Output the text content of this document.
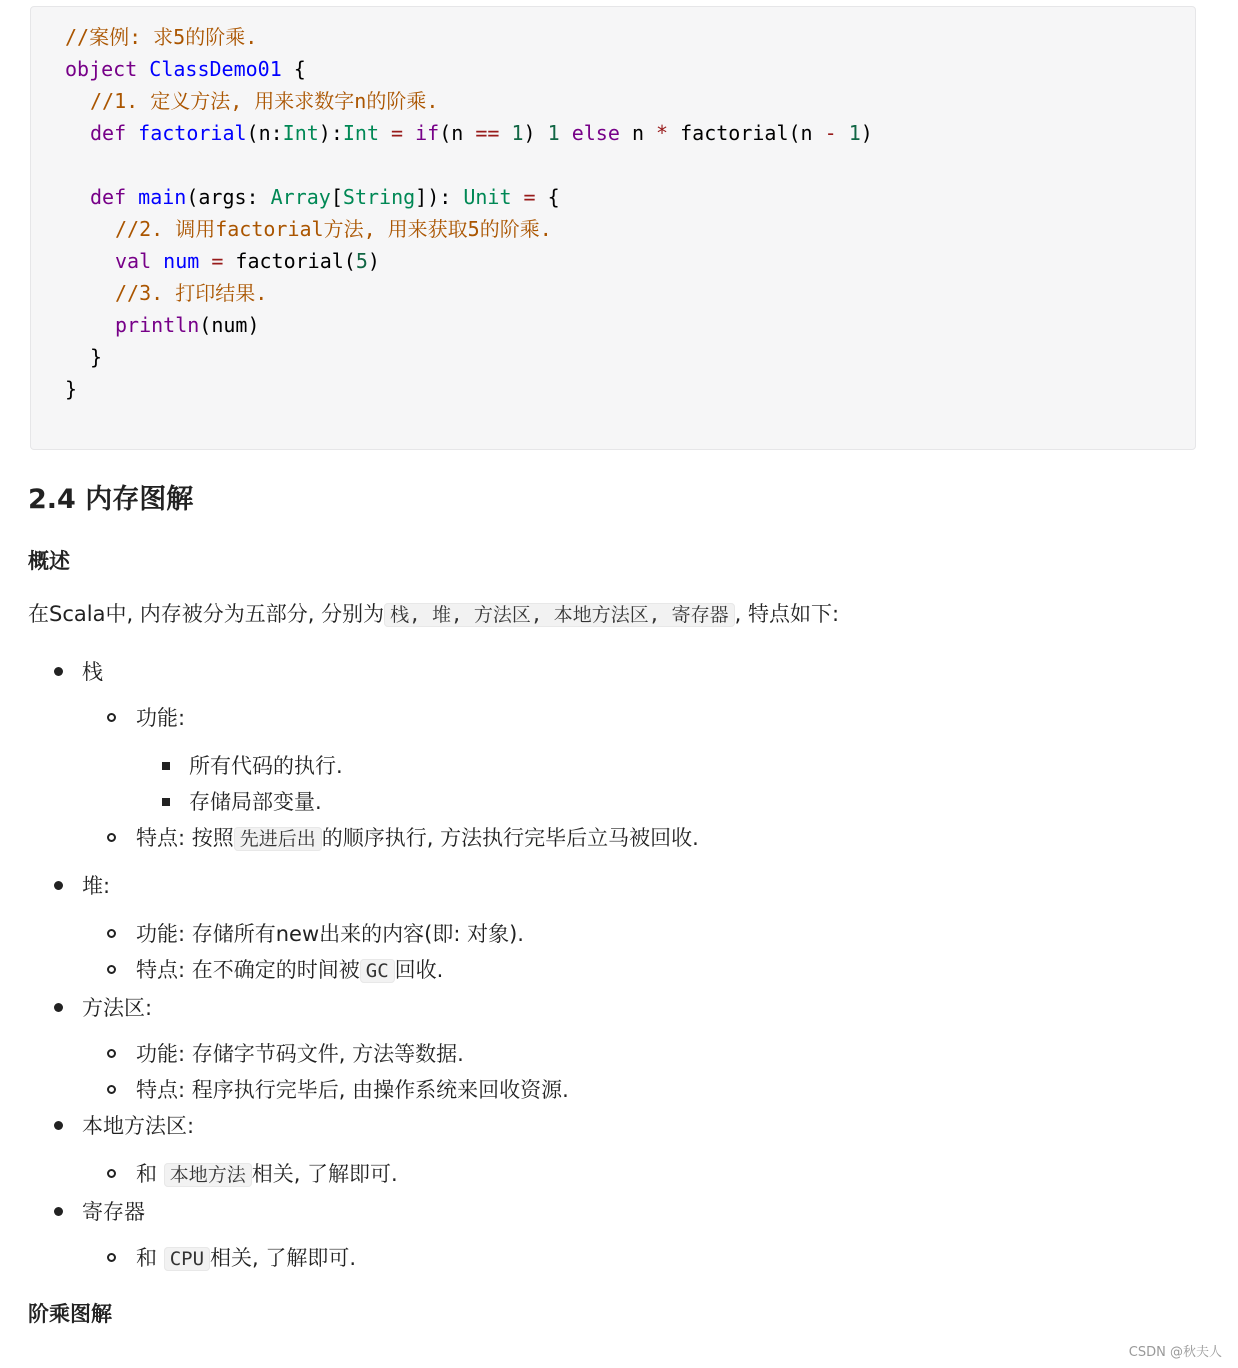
//案例: 求5的阶乘.
object ClassDemo01 {
//1. 定义方法, 用来求数字n的阶乘.
def factorial(n:Int):Int = if(n == 1) 1 else n * factorial(n - 1)
def main(args: Array[String]): Unit = {
//2. 调用factorial方法, 用来获取5的阶乘.
val num = factorial(5)
//3. 打印结果.
println(num)
}
}
2.4 内存图解
概述
在Scala中, 内存被分为五部分, 分别为 栈, 堆, 方法区, 本地方法区, 寄存器 , 特点如下:
栈
功能:
所有代码的执行.
存储局部变量.
特点: 按照 先进后出 的顺序执行, 方法执行完毕后立马被回收.
堆:
功能: 存储所有new出来的内容(即: 对象).
特点: 在不确定的时间被 GC 回收.
方法区:
功能: 存储字节码文件, 方法等数据.
特点: 程序执行完毕后, 由操作系统来回收资源.
本地方法区:
和 本地方法 相关, 了解即可.
寄存器
和 CPU 相关, 了解即可.
阶乘图解
CSDN @秋夫人
